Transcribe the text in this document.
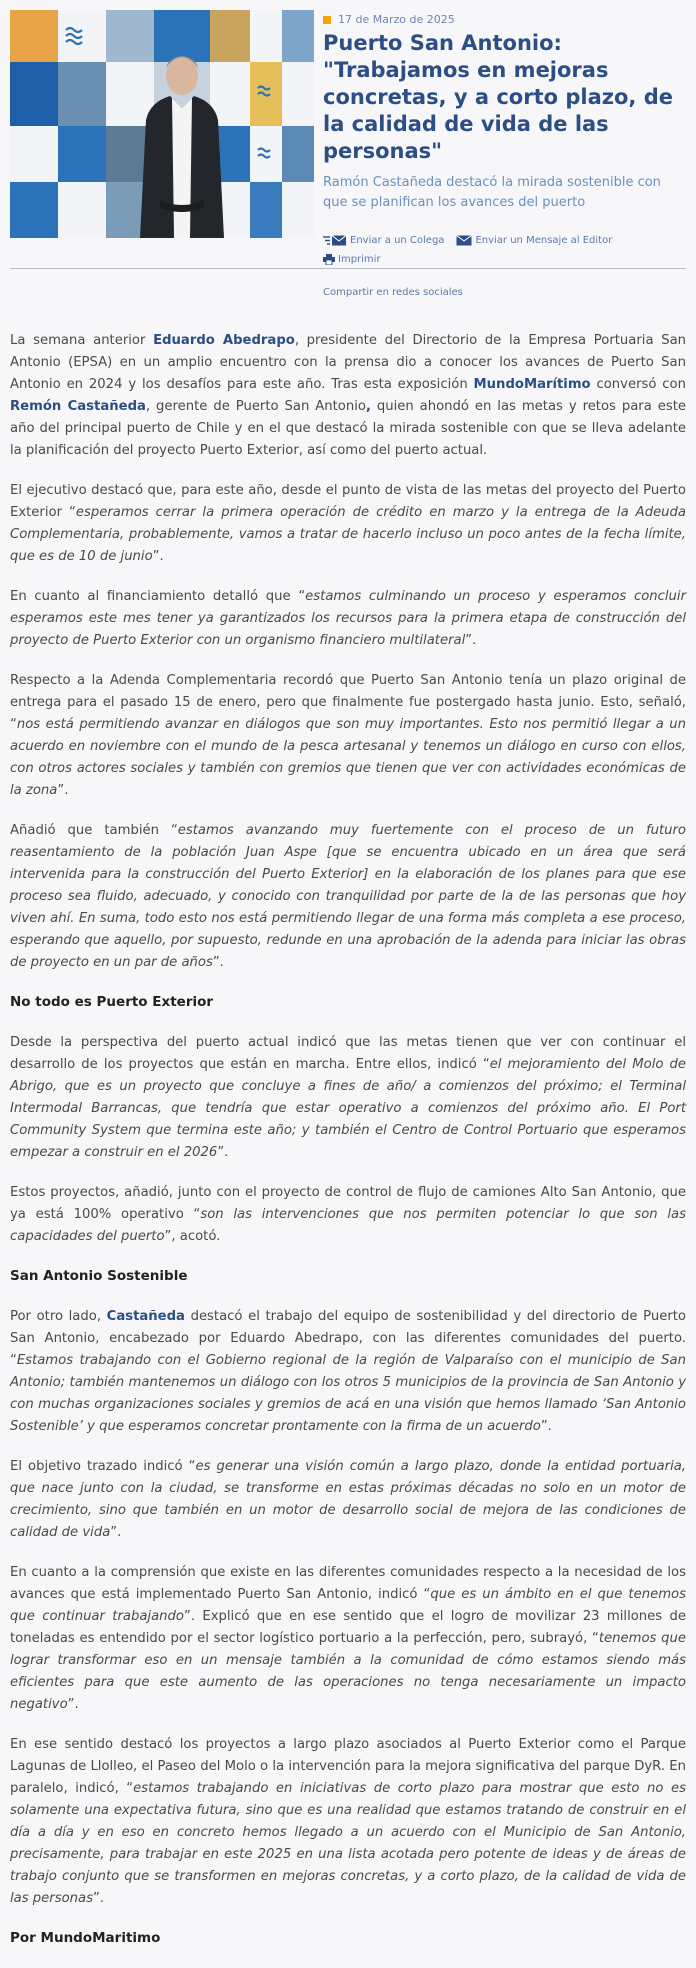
17 de Marzo de 2025
Puerto San Antonio: "Trabajamos en mejoras concretas, y a corto plazo, de la calidad de vida de las personas"

Ramón Castañeda destacó la mirada sostenible con que se planifican los avances del puerto

Enviar a un Colega	Enviar un Mensaje al Editor
Imprimir
Compartir en redes sociales

La semana anterior Eduardo Abedrapo, presidente del Directorio de la Empresa Portuaria San Antonio (EPSA) en un amplio encuentro con la prensa dio a conocer los avances de Puerto San Antonio en 2024 y los desafíos para este año. Tras esta exposición MundoMarítimo conversó con Remón Castañeda, gerente de Puerto San Antonio, quien ahondó en las metas y retos para este año del principal puerto de Chile y en el que destacó la mirada sostenible con que se lleva adelante la planificación del proyecto Puerto Exterior, así como del puerto actual.

El ejecutivo destacó que, para este año, desde el punto de vista de las metas del proyecto del Puerto Exterior “esperamos cerrar la primera operación de crédito en marzo y la entrega de la Adeuda Complementaria, probablemente, vamos a tratar de hacerlo incluso un poco antes de la fecha límite, que es de 10 de junio”.

En cuanto al financiamiento detalló que “estamos culminando un proceso y esperamos concluir esperamos este mes tener ya garantizados los recursos para la primera etapa de construcción del proyecto de Puerto Exterior con un organismo financiero multilateral”.

Respecto a la Adenda Complementaria recordó que Puerto San Antonio tenía un plazo original de entrega para el pasado 15 de enero, pero que finalmente fue postergado hasta junio. Esto, señaló, “nos está permitiendo avanzar en diálogos que son muy importantes. Esto nos permitió llegar a un acuerdo en noviembre con el mundo de la pesca artesanal y tenemos un diálogo en curso con ellos, con otros actores sociales y también con gremios que tienen que ver con actividades económicas de la zona”.

Añadió que también “estamos avanzando muy fuertemente con el proceso de un futuro reasentamiento de la población Juan Aspe [que se encuentra ubicado en un área que será intervenida para la construcción del Puerto Exterior] en la elaboración de los planes para que ese proceso sea fluido, adecuado, y conocido con tranquilidad por parte de la de las personas que hoy viven ahí. En suma, todo esto nos está permitiendo llegar de una forma más completa a ese proceso, esperando que aquello, por supuesto, redunde en una aprobación de la adenda para iniciar las obras de proyecto en un par de años”.

No todo es Puerto Exterior

Desde la perspectiva del puerto actual indicó que las metas tienen que ver con continuar el desarrollo de los proyectos que están en marcha. Entre ellos, indicó “el mejoramiento del Molo de Abrigo, que es un proyecto que concluye a fines de año/ a comienzos del próximo; el Terminal Intermodal Barrancas, que tendría que estar operativo a comienzos del próximo año. El Port Community System que termina este año; y también el Centro de Control Portuario que esperamos empezar a construir en el 2026”.

Estos proyectos, añadió, junto con el proyecto de control de flujo de camiones Alto San Antonio, que ya está 100% operativo “son las intervenciones que nos permiten potenciar lo que son las capacidades del puerto”, acotó.

San Antonio Sostenible

Por otro lado, Castañeda destacó el trabajo del equipo de sostenibilidad y del directorio de Puerto San Antonio, encabezado por Eduardo Abedrapo, con las diferentes comunidades del puerto. “Estamos trabajando con el Gobierno regional de la región de Valparaíso con el municipio de San Antonio; también mantenemos un diálogo con los otros 5 municipios de la provincia de San Antonio y con muchas organizaciones sociales y gremios de acá en una visión que hemos llamado ‘San Antonio Sostenible’ y que esperamos concretar prontamente con la firma de un acuerdo”.

El objetivo trazado indicó “es generar una visión común a largo plazo, donde la entidad portuaria, que nace junto con la ciudad, se transforme en estas próximas décadas no solo en un motor de crecimiento, sino que también en un motor de desarrollo social de mejora de las condiciones de calidad de vida”.

En cuanto a la comprensión que existe en las diferentes comunidades respecto a la necesidad de los avances que está implementado Puerto San Antonio, indicó “que es un ámbito en el que tenemos que continuar trabajando”. Explicó que en ese sentido que el logro de movilizar 23 millones de toneladas es entendido por el sector logístico portuario a la perfección, pero, subrayó, “tenemos que lograr transformar eso en un mensaje también a la comunidad de cómo estamos siendo más eficientes para que este aumento de las operaciones no tenga necesariamente un impacto negativo”.

En ese sentido destacó los proyectos a largo plazo asociados al Puerto Exterior como el Parque Lagunas de Llolleo, el Paseo del Molo o la intervención para la mejora significativa del parque DyR. En paralelo, indicó, “estamos trabajando en iniciativas de corto plazo para mostrar que esto no es solamente una expectativa futura, sino que es una realidad que estamos tratando de construir en el día a día y en eso en concreto hemos llegado a un acuerdo con el Municipio de San Antonio, precisamente, para trabajar en este 2025 en una lista acotada pero potente de ideas y de áreas de trabajo conjunto que se transformen en mejoras concretas, y a corto plazo, de la calidad de vida de las personas”.

Por MundoMaritimo
